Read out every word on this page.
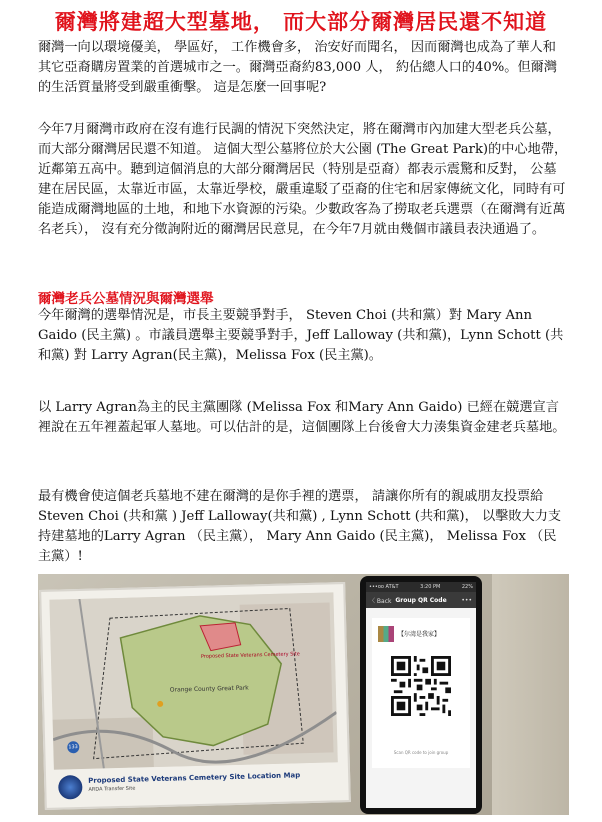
爾灣將建超大型墓地， 而大部分爾灣居民還不知道

爾灣一向以環境優美， 學區好， 工作機會多， 治安好而聞名， 因而爾灣也成為了華人和其它亞裔購房置業的首選城市之一。爾灣亞裔約83,000 人， 約佔總人口的40%。但爾灣的生活質量將受到嚴重衝擊。 這是怎麼一回事呢?

今年7月爾灣市政府在沒有進行民調的情況下突然決定，將在爾灣市內加建大型老兵公墓， 而大部分爾灣居民還不知道。 這個大型公墓將位於大公園 (The Great Park)的中心地帶，近鄰第五高中。聽到這個消息的大部分爾灣居民（特別是亞裔）都表示震驚和反對， 公墓建在居民區，太靠近市區，太靠近學校，嚴重違駁了亞裔的住宅和居家傳統文化，同時有可能造成爾灣地區的土地，和地下水資源的污染。少數政客為了撈取老兵選票（在爾灣有近萬名老兵）， 沒有充分徵詢附近的爾灣居民意見，在今年7月就由幾個市議員表決通過了。

爾灣老兵公墓情況與爾灣選舉

今年爾灣的選舉情況是，市長主要競爭對手， Steven Choi (共和黨）對 Mary Ann Gaido (民主黨) 。市議員選舉主要競爭對手，Jeff Lalloway (共和黨)，Lynn Schott (共和黨) 對 Larry Agran(民主黨)，Melissa Fox (民主黨)。

以 Larry Agran為主的民主黨團隊 (Melissa Fox 和Mary Ann Gaido) 已經在競選宣言裡說在五年裡蓋起軍人墓地。可以估計的是，這個團隊上台後會大力湊集資金建老兵墓地。

最有機會使這個老兵墓地不建在爾灣的是你手裡的選票， 請讓你所有的親戚朋友投票給Steven Choi (共和黨 ) Jeff Lalloway(共和黨) , Lynn Schott (共和黨)， 以擊敗大力支持建墓地的Larry Agran （民主黨）， Mary Ann Gaido (民主黨)， Melissa Fox （民主黨）!

Orange County Great Park
Proposed State Veterans Cemetery Site
133
Proposed State Veterans Cemetery Site Location Map
ARDA Transfer Site
•••oo AT&T	3:20 PM	22%
〈 Back Group QR Code	•••
【尔湾是我家】
Scan QR code to join group
